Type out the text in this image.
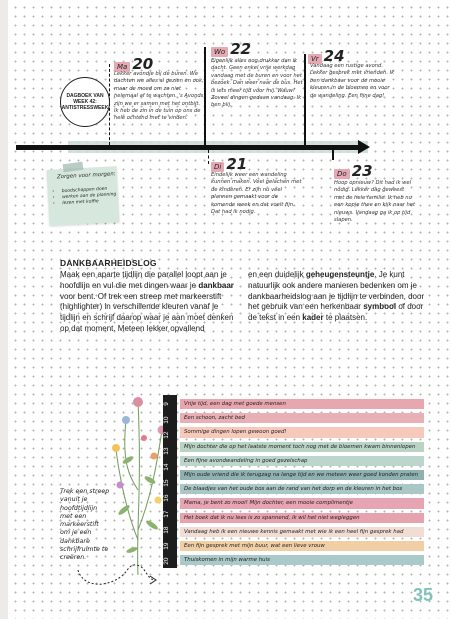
DAGBOEK VAN WEEK 42: ANTISTRESSWEEK
Ma 20
Lekker avondje bij de buren. We dachten we alles al gezien en ook, maar de moed om ze niet helemaal af te wachten. 's Avonds zijn we er samen met het ontbijt. Ik heb de zin in de tuin op ons de hele ochtend met te vinden.
Wo 22
Eigenlijk alles nog drukker dan ik dacht. Geen enkel vrije werkdag vandaag met de buren en voor het bezoek. Dan weer naar de bus. Het is iets meer tijd voor mij. Wauw! Zoveel dingen gedaan vandaag. Ik ben blij.
Vr 24
Vandaag een rustige avond. Lekker gesprek met vrienden. Ik ben dankbaar voor de mooie kleuren in de bloemen en voor de wandeling. Een fijne dag!
Di 21
Eindelijk weer een wandeling kunnen maken. Veel gelachen met de kinderen. Er zijn nu veel plannen gemaakt voor de komende week en dat voelt fijn. Dat had ik nodig.
Do 23
Hoop opnieuw? Dit had ik wel nodig. Lekker dag geweest met de hele familie. Ik heb nu een kopje thee en kijk naar het nieuws. Vandaag ga ik op tijd slapen.
Zorgen voor morgen:
• boodschappen doen
• werken aan de planning
• lezen met koffie
DANKBAARHEIDSLOG
Maak een aparte tijdlijn die parallel loopt aan je hoofdlijn en vul die met dingen waar je dankbaar voor bent. Of trek een streep met markeerstift (highlighter) in verschillende kleuren vanaf je tijdlijn en schrijf daarop waar je aan moet denken op dat moment. Meteen lekker opvallend
en een duidelijk geheugensteuntje. Je kunt natuurlijk ook andere manieren bedenken om je dankbaarheidslog aan je tijdlijn te verbinden, door het gebruik van een herkenbaar symbool of door de tekst in een kader te plaatsen.
Trek een streep vanuit je hoofdtijdlijn met een markeerstift om je een dankbare schrijfruimte te creëren.
9
10
12
13
14
15
16
17
18
19
20
Vrije tijd, een dag met goede mensen
Een schoon, zacht bed
Sommige dingen lopen gewoon goed!
Mijn dochter die op het laatste moment toch nog met de bloemen kwam binnenlopen
Een fijne avondwandeling in goed gezelschap
Mijn oude vriend die ik terugzag na lange tijd en we meteen weer goed konden praten
De blaadjes van het oude bos aan de rand van het dorp en de kleuren in het bos
Mama, je bent zo mooi! Mijn dochter, een mooie complimentje
Het boek dat ik nu lees is zo spannend, ik wil het niet wegleggen
Vandaag heb ik een nieuwe kennis gemaakt met wie ik een heel fijn gesprek had
Een fijn gesprek met mijn buur, wat een lieve vrouw
Thuiskomen in mijn warme huis
35
